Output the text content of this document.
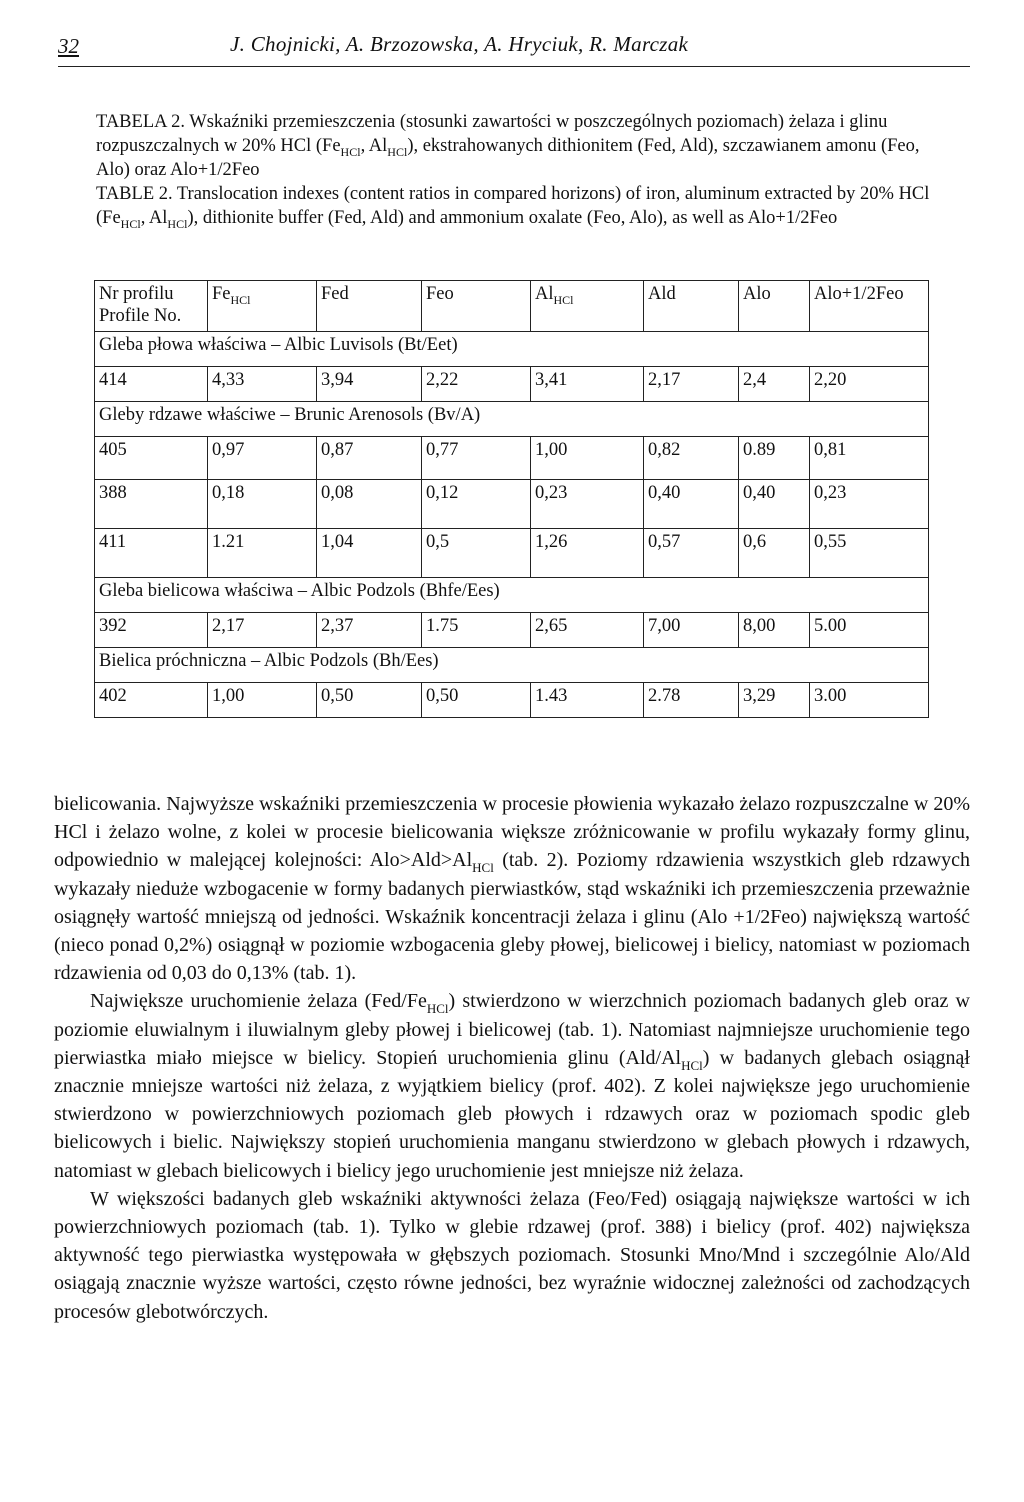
32	J. Chojnicki, A. Brzozowska, A. Hryciuk, R. Marczak

TABELA 2. Wskaźniki przemieszczenia (stosunki zawartości w poszczególnych poziomach) żelaza i glinu rozpuszczalnych w 20% HCl ($Fe_{HCl}$, $Al_{HCl}$), ekstrahowanych dithionitem (Fed, Ald), szczawianem amonu (Feo, Alo) oraz Alo+1/2Feo

TABLE 2. Translocation indexes (content ratios in compared horizons) of iron, aluminum extracted by 20% HCl ($Fe_{HCl}$, $Al_{HCl}$), dithionite buffer (Fed, Ald) and ammonium oxalate (Feo, Alo), as well as Alo+1/2Feo

Nr profilu
Profile No.	$Fe_{HCl}$	Fed	Feo	$Al_{HCl}$	Ald	Alo	Alo+1/2Feo
Gleba płowa właściwa – Albic Luvisols (Bt/Eet)							
414	4,33	3,94	2,22	3,41	2,17	2,4	2,20
Gleby rdzawe właściwe – Brunic Arenosols (Bv/A)							
405	0,97	0,87	0,77	1,00	0,82	0.89	0,81
388	0,18	0,08	0,12	0,23	0,40	0,40	0,23
411	1.21	1,04	0,5	1,26	0,57	0,6	0,55
Gleba bielicowa właściwa – Albic Podzols (Bhfe/Ees)							
392	2,17	2,37	1.75	2,65	7,00	8,00	5.00
Bielica próchniczna – Albic Podzols (Bh/Ees)							
402	1,00	0,50	0,50	1.43	2.78	3,29	3.00

bielicowania. Najwyższe wskaźniki przemieszczenia w procesie płowienia wykazało żelazo rozpuszczalne w 20% HCl i żelazo wolne, z kolei w procesie bielicowania większe zróżnicowanie w profilu wykazały formy glinu, odpowiednio w malejącej kolejności: $Alo>Ald>Al_{HCl}$ (tab. 2). Poziomy rdzawienia wszystkich gleb rdzawych wykazały nieduże wzbogacenie w formy badanych pierwiastków, stąd wskaźniki ich przemieszczenia przeważnie osiągnęły wartość mniejszą od jedności. Wskaźnik koncentracji żelaza i glinu (Alo +1/2Feo) największą wartość (nieco ponad 0,2%) osiągnął w poziomie wzbogacenia gleby płowej, bielicowej i bielicy, natomiast w poziomach rdzawienia od 0,03 do 0,13% (tab. 1).

Największe uruchomienie żelaza $(Fed/Fe_{HCl})$ stwierdzono w wierzchnich poziomach badanych gleb oraz w poziomie eluwialnym i iluwialnym gleby płowej i bielicowej (tab. 1). Natomiast najmniejsze uruchomienie tego pierwiastka miało miejsce w bielicy. Stopień uruchomienia glinu $(Ald/Al_{HCl})$ w badanych glebach osiągnął znacznie mniejsze wartości niż żelaza, z wyjątkiem bielicy (prof. 402). Z kolei największe jego uruchomienie stwierdzono w powierzchniowych poziomach gleb płowych i rdzawych oraz w poziomach spodic gleb bielicowych i bielic. Największy stopień uruchomienia manganu stwierdzono w glebach płowych i rdzawych, natomiast w glebach bielicowych i bielicy jego uruchomienie jest mniejsze niż żelaza.

W większości badanych gleb wskaźniki aktywności żelaza (Feo/Fed) osiągają największe wartości w ich powierzchniowych poziomach (tab. 1). Tylko w glebie rdzawej (prof. 388) i bielicy (prof. 402) największa aktywność tego pierwiastka występowała w głębszych poziomach. Stosunki Mno/Mnd i szczególnie Alo/Ald osiągają znacznie wyższe wartości, często równe jedności, bez wyraźnie widocznej zależności od zachodzących procesów glebotwórczych.
